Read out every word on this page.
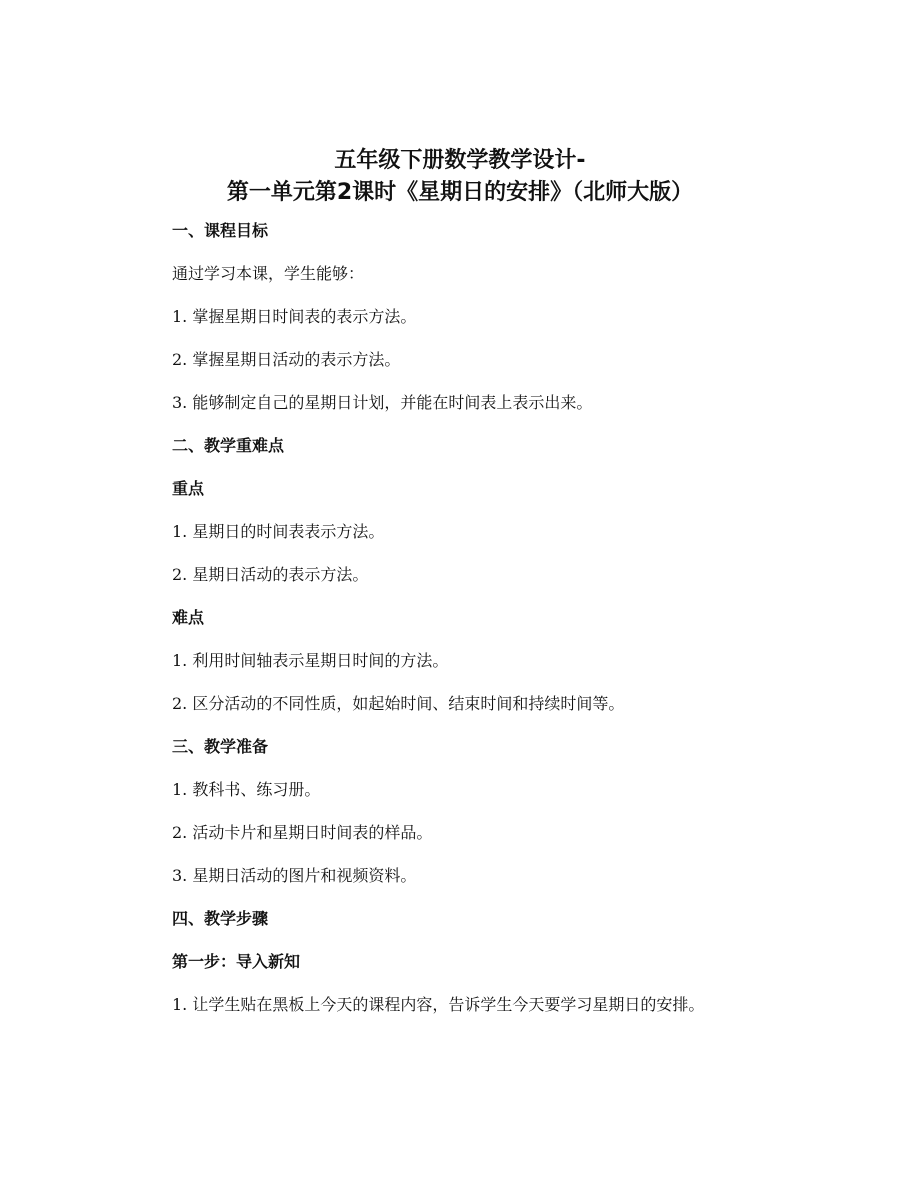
五年级下册数学教学设计-
第一单元第2课时《星期日的安排》（北师大版）

一、课程目标

通过学习本课，学生能够：

1. 掌握星期日时间表的表示方法。

2. 掌握星期日活动的表示方法。

3. 能够制定自己的星期日计划，并能在时间表上表示出来。

二、教学重难点

重点

1. 星期日的时间表表示方法。

2. 星期日活动的表示方法。

难点

1. 利用时间轴表示星期日时间的方法。

2. 区分活动的不同性质，如起始时间、结束时间和持续时间等。

三、教学准备

1. 教科书、练习册。

2. 活动卡片和星期日时间表的样品。

3. 星期日活动的图片和视频资料。

四、教学步骤

第一步：导入新知

1. 让学生贴在黑板上今天的课程内容，告诉学生今天要学习星期日的安排。
